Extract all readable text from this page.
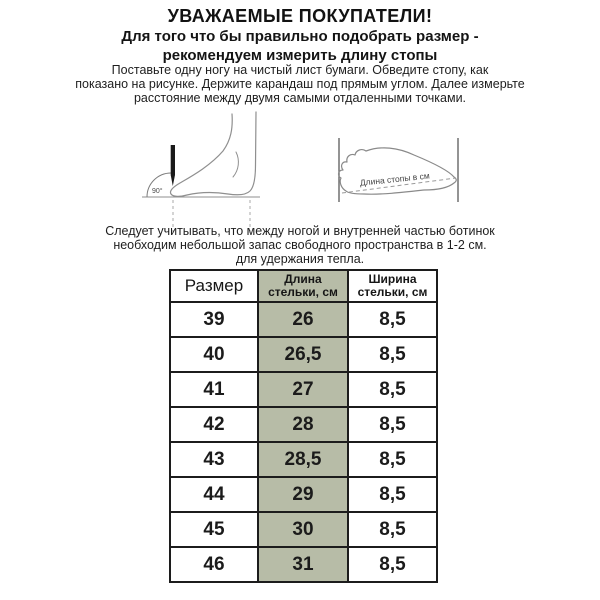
УВАЖАЕМЫЕ ПОКУПАТЕЛИ!
Для того что бы правильно подобрать размер -
рекомендуем измерить длину стопы
Поставьте одну ногу на чистый лист бумаги. Обведите стопу, как
показано на рисунке. Держите карандаш под прямым углом. Далее измерьте
расстояние между двумя самыми отдаленными точками.
90°
Длина стопы в см
Следует учитывать, что между ногой и внутренней частью ботинок
необходим небольшой запас свободного пространства в 1-2 см.
для удержания тепла.
Размер	Длина стельки, см	Ширина стельки, см
39	26	8,5
40	26,5	8,5
41	27	8,5
42	28	8,5
43	28,5	8,5
44	29	8,5
45	30	8,5
46	31	8,5
